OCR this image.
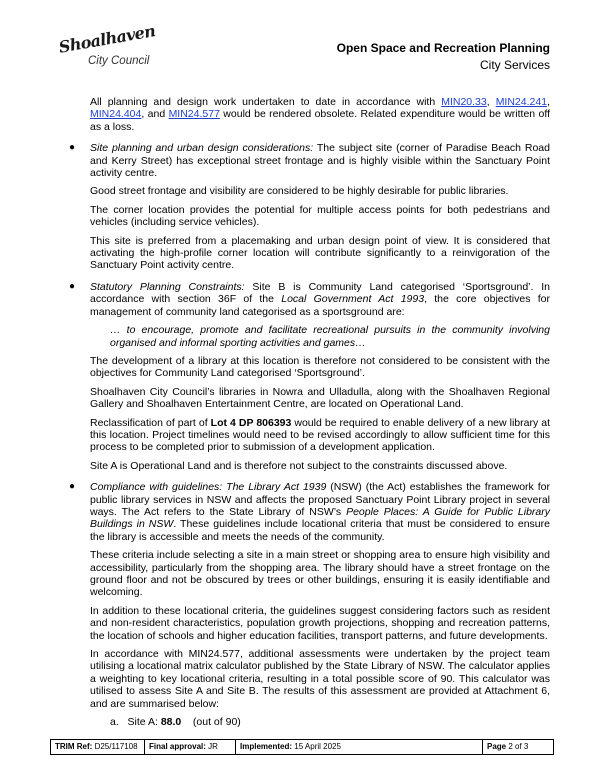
Shoalhaven
City Council
Open Space and Recreation Planning
City Services

All planning and design work undertaken to date in accordance with MIN20.33, MIN24.241, MIN24.404, and MIN24.577 would be rendered obsolete. Related expenditure would be written off as a loss.

● Site planning and urban design considerations: The subject site (corner of Paradise Beach Road and Kerry Street) has exceptional street frontage and is highly visible within the Sanctuary Point activity centre.

Good street frontage and visibility are considered to be highly desirable for public libraries.

The corner location provides the potential for multiple access points for both pedestrians and vehicles (including service vehicles).

This site is preferred from a placemaking and urban design point of view. It is considered that activating the high-profile corner location will contribute significantly to a reinvigoration of the Sanctuary Point activity centre.

● Statutory Planning Constraints: Site B is Community Land categorised ‘Sportsground’. In accordance with section 36F of the Local Government Act 1993, the core objectives for management of community land categorised as a sportsground are:

… to encourage, promote and facilitate recreational pursuits in the community involving organised and informal sporting activities and games…

The development of a library at this location is therefore not considered to be consistent with the objectives for Community Land categorised ‘Sportsground’.

Shoalhaven City Council’s libraries in Nowra and Ulladulla, along with the Shoalhaven Regional Gallery and Shoalhaven Entertainment Centre, are located on Operational Land.

Reclassification of part of Lot 4 DP 806393 would be required to enable delivery of a new library at this location. Project timelines would need to be revised accordingly to allow sufficient time for this process to be completed prior to submission of a development application.

Site A is Operational Land and is therefore not subject to the constraints discussed above.

● Compliance with guidelines: The Library Act 1939 (NSW) (the Act) establishes the framework for public library services in NSW and affects the proposed Sanctuary Point Library project in several ways. The Act refers to the State Library of NSW’s People Places: A Guide for Public Library Buildings in NSW. These guidelines include locational criteria that must be considered to ensure the library is accessible and meets the needs of the community.

These criteria include selecting a site in a main street or shopping area to ensure high visibility and accessibility, particularly from the shopping area. The library should have a street frontage on the ground floor and not be obscured by trees or other buildings, ensuring it is easily identifiable and welcoming.

In addition to these locational criteria, the guidelines suggest considering factors such as resident and non-resident characteristics, population growth projections, shopping and recreation patterns, the location of schools and higher education facilities, transport patterns, and future developments.

In accordance with MIN24.577, additional assessments were undertaken by the project team utilising a locational matrix calculator published by the State Library of NSW. The calculator applies a weighting to key locational criteria, resulting in a total possible score of 90. This calculator was utilised to assess Site A and Site B. The results of this assessment are provided at Attachment 6, and are summarised below:

a. Site A: 88.0 (out of 90)
TRIM Ref: D25/117108	Final approval: JR	Implemented: 15 April 2025	Page 2 of 3
